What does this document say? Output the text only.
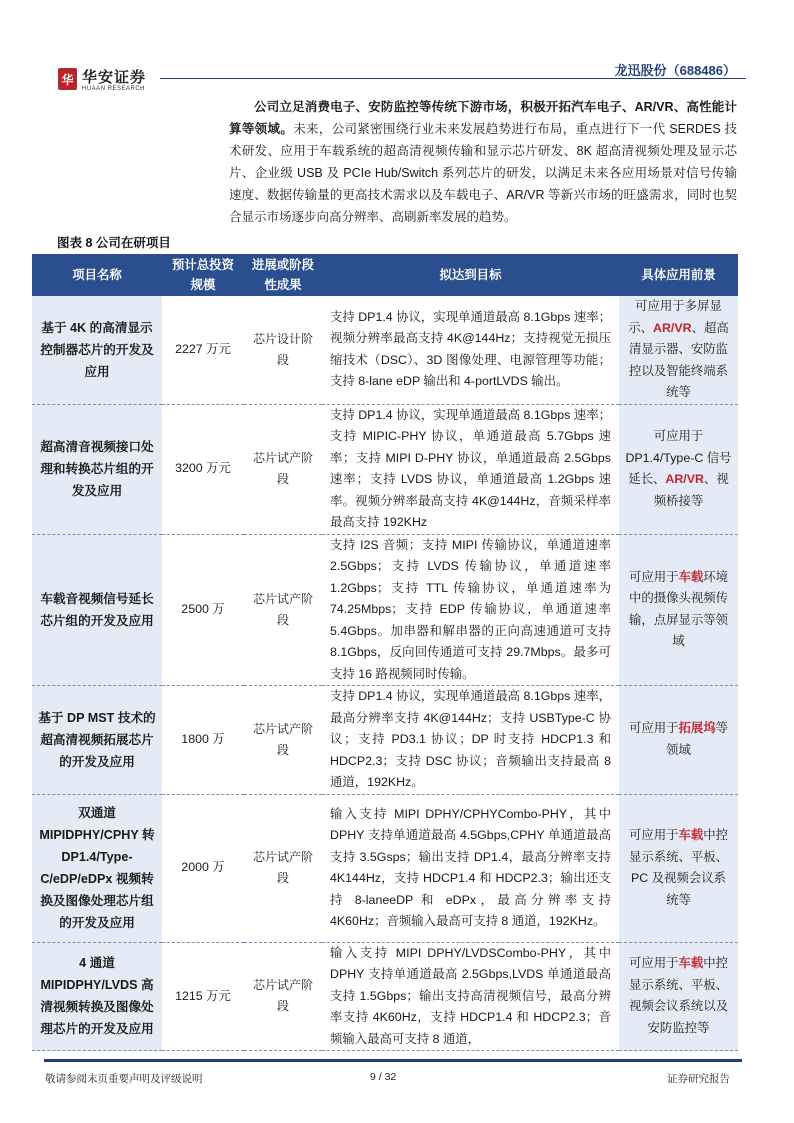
华 华安证券
HUAAN RESEARCH
龙迅股份（688486）

公司立足消费电子、安防监控等传统下游市场，积极开拓汽车电子、AR/VR、高性能计算等领域。未来，公司紧密围绕行业未来发展趋势进行布局，重点进行下一代 SERDES 技术研发、应用于车载系统的超高清视频传输和显示芯片研发、8K 超高清视频处理及显示芯片、企业级 USB 及 PCIe Hub/Switch 系列芯片的研发，以满足未来各应用场景对信号传输速度、数据传输量的更高技术需求以及车载电子、AR/VR 等新兴市场的旺盛需求，同时也契合显示市场逐步向高分辨率、高刷新率发展的趋势。

图表 8 公司在研项目
项目名称	预计总投资规模	进展或阶段性成果	拟达到目标	具体应用前景
基于 4K 的高清显示控制器芯片的开发及应用	2227 万元	芯片设计阶段	支持 DP1.4 协议，实现单通道最高 8.1Gbps 速率；视频分辨率最高支持 4K@144Hz；支持视觉无损压缩技术（DSC）、3D 图像处理、电源管理等功能；支持 8-lane eDP 输出和 4-portLVDS 输出。	可应用于多屏显示、AR/VR、超高清显示器、安防监控以及智能终端系统等
超高清音视频接口处理和转换芯片组的开发及应用	3200 万元	芯片试产阶段	支持 DP1.4 协议，实现单通道最高 8.1Gbps 速率；支持 MIPIC-PHY 协议，单通道最高 5.7Gbps 速率；支持 MIPI D-PHY 协议，单通道最高 2.5Gbps 速率；支持 LVDS 协议，单通道最高 1.2Gbps 速率。视频分辨率最高支持 4K@144Hz，音频采样率最高支持 192KHz	可应用于 DP1.4/Type-C 信号延长、AR/VR、视频桥接等
车载音视频信号延长芯片组的开发及应用	2500 万	芯片试产阶段	支持 I2S 音频；支持 MIPI 传输协议，单通道速率 2.5Gbps；支持 LVDS 传输协议，单通道速率 1.2Gbps；支持 TTL 传输协议，单通道速率为 74.25Mbps；支持 EDP 传输协议，单通道速率 5.4Gbps。加串器和解串器的正向高速通道可支持 8.1Gbps，反向回传通道可支持 29.7Mbps。最多可支持 16 路视频同时传输。	可应用于车载环境中的摄像头视频传输，点屏显示等领域
基于 DP MST 技术的超高清视频拓展芯片的开发及应用	1800 万	芯片试产阶段	支持 DP1.4 协议，实现单通道最高 8.1Gbps 速率，最高分辨率支持 4K@144Hz；支持 USBType-C 协议；支持 PD3.1 协议；DP 时支持 HDCP1.3 和 HDCP2.3；支持 DSC 协议；音频输出支持最高 8 通道，192KHz。	可应用于拓展坞等领域
双通道 MIPIDPHY/CPHY 转 DP1.4/Type-C/eDP/eDPx 视频转换及图像处理芯片组的开发及应用	2000 万	芯片试产阶段	输入支持 MIPI DPHY/CPHYCombo-PHY，其中 DPHY 支持单通道最高 4.5Gbps,CPHY 单通道最高支持 3.5Gsps；输出支持 DP1.4，最高分辨率支持 4K144Hz，支持 HDCP1.4 和 HDCP2.3；输出还支持 8-laneeDP 和 eDPx，最高分辨率支持 4K60Hz；音频输入最高可支持 8 通道，192KHz。	可应用于车载中控显示系统、平板、PC 及视频会议系统等
4 通道 MIPIDPHY/LVDS 高清视频转换及图像处理芯片的开发及应用	1215 万元	芯片试产阶段	输入支持 MIPI DPHY/LVDSCombo-PHY，其中 DPHY 支持单通道最高 2.5Gbps,LVDS 单通道最高支持 1.5Gbps；输出支持高清视频信号，最高分辨率支持 4K60Hz，支持 HDCP1.4 和 HDCP2.3；音频输入最高可支持 8 通道，	可应用于车载中控显示系统、平板、视频会议系统以及安防监控等
敬请参阅末页重要声明及评级说明	9 / 32	证券研究报告
